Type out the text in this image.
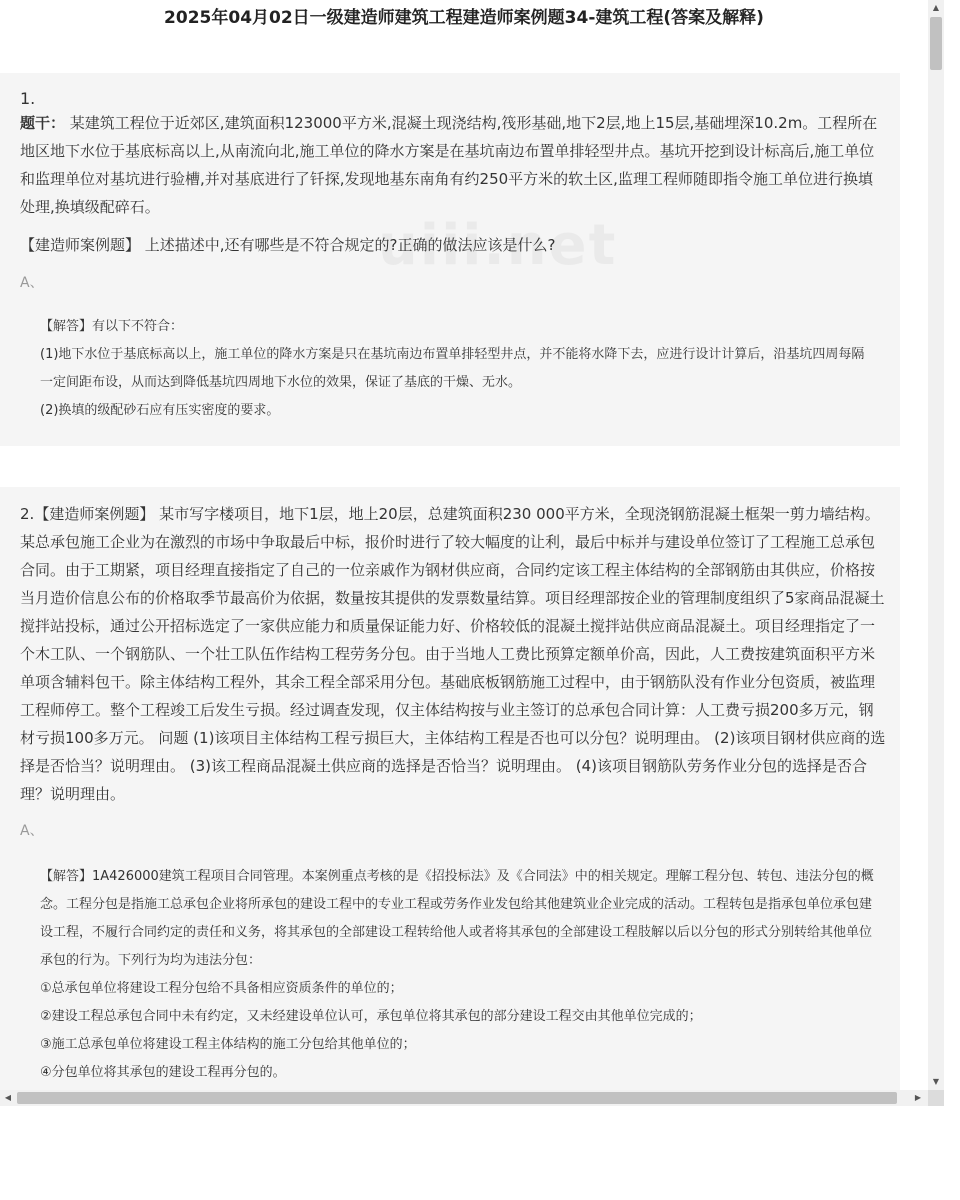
2025年04月02日一级建造师建筑工程建造师案例题34-建筑工程(答案及解释)
1.

题干： 某建筑工程位于近郊区,建筑面积123000平方米,混凝土现浇结构,筏形基础,地下2层,地上15层,基础埋深10.2m。工程所在地区地下水位于基底标高以上,从南流向北,施工单位的降水方案是在基坑南边布置单排轻型井点。基坑开挖到设计标高后,施工单位和监理单位对基坑进行验槽,并对基底进行了钎探,发现地基东南角有约250平方米的软土区,监理工程师随即指令施工单位进行换填处理,换填级配碎石。

【建造师案例题】 上述描述中,还有哪些是不符合规定的?正确的做法应该是什么?
A、

【解答】有以下不符合：

(1)地下水位于基底标高以上，施工单位的降水方案是只在基坑南边布置单排轻型井点，并不能将水降下去，应进行设计计算后，沿基坑四周每隔一定间距布设，从而达到降低基坑四周地下水位的效果，保证了基底的干燥、无水。

(2)换填的级配砂石应有压实密度的要求。

2.【建造师案例题】 某市写字楼项目，地下1层，地上20层，总建筑面积230 000平方米，全现浇钢筋混凝土框架一剪力墙结构。某总承包施工企业为在激烈的市场中争取最后中标，报价时进行了较大幅度的让利，最后中标并与建设单位签订了工程施工总承包合同。由于工期紧，项目经理直接指定了自己的一位亲戚作为钢材供应商，合同约定该工程主体结构的全部钢筋由其供应，价格按当月造价信息公布的价格取季节最高价为依据，数量按其提供的发票数量结算。项目经理部按企业的管理制度组织了5家商品混凝土搅拌站投标，通过公开招标选定了一家供应能力和质量保证能力好、价格较低的混凝土搅拌站供应商品混凝土。项目经理指定了一个木工队、一个钢筋队、一个壮工队伍作结构工程劳务分包。由于当地人工费比预算定额单价高，因此，人工费按建筑面积平方米单项含辅料包干。除主体结构工程外，其余工程全部采用分包。基础底板钢筋施工过程中，由于钢筋队没有作业分包资质，被监理工程师停工。整个工程竣工后发生亏损。经过调查发现，仅主体结构按与业主签订的总承包合同计算：人工费亏损200多万元，钢材亏损100多万元。 问题 (1)该项目主体结构工程亏损巨大，主体结构工程是否也可以分包？说明理由。 (2)该项目钢材供应商的选择是否恰当？说明理由。 (3)该工程商品混凝土供应商的选择是否恰当？说明理由。 (4)该项目钢筋队劳务作业分包的选择是否合理？说明理由。

A、

【解答】1A426000建筑工程项目合同管理。本案例重点考核的是《招投标法》及《合同法》中的相关规定。理解工程分包、转包、违法分包的概念。工程分包是指施工总承包企业将所承包的建设工程中的专业工程或劳务作业发包给其他建筑业企业完成的活动。工程转包是指承包单位承包建设工程，不履行合同约定的责任和义务，将其承包的全部建设工程转给他人或者将其承包的全部建设工程肢解以后以分包的形式分别转给其他单位承包的行为。下列行为均为违法分包：

①总承包单位将建设工程分包给不具备相应资质条件的单位的；

②建设工程总承包合同中未有约定，又未经建设单位认可，承包单位将其承包的部分建设工程交由其他单位完成的；

③施工总承包单位将建设工程主体结构的施工分包给其他单位的；

④分包单位将其承包的建设工程再分包的。

▲
▼
◀	▶
